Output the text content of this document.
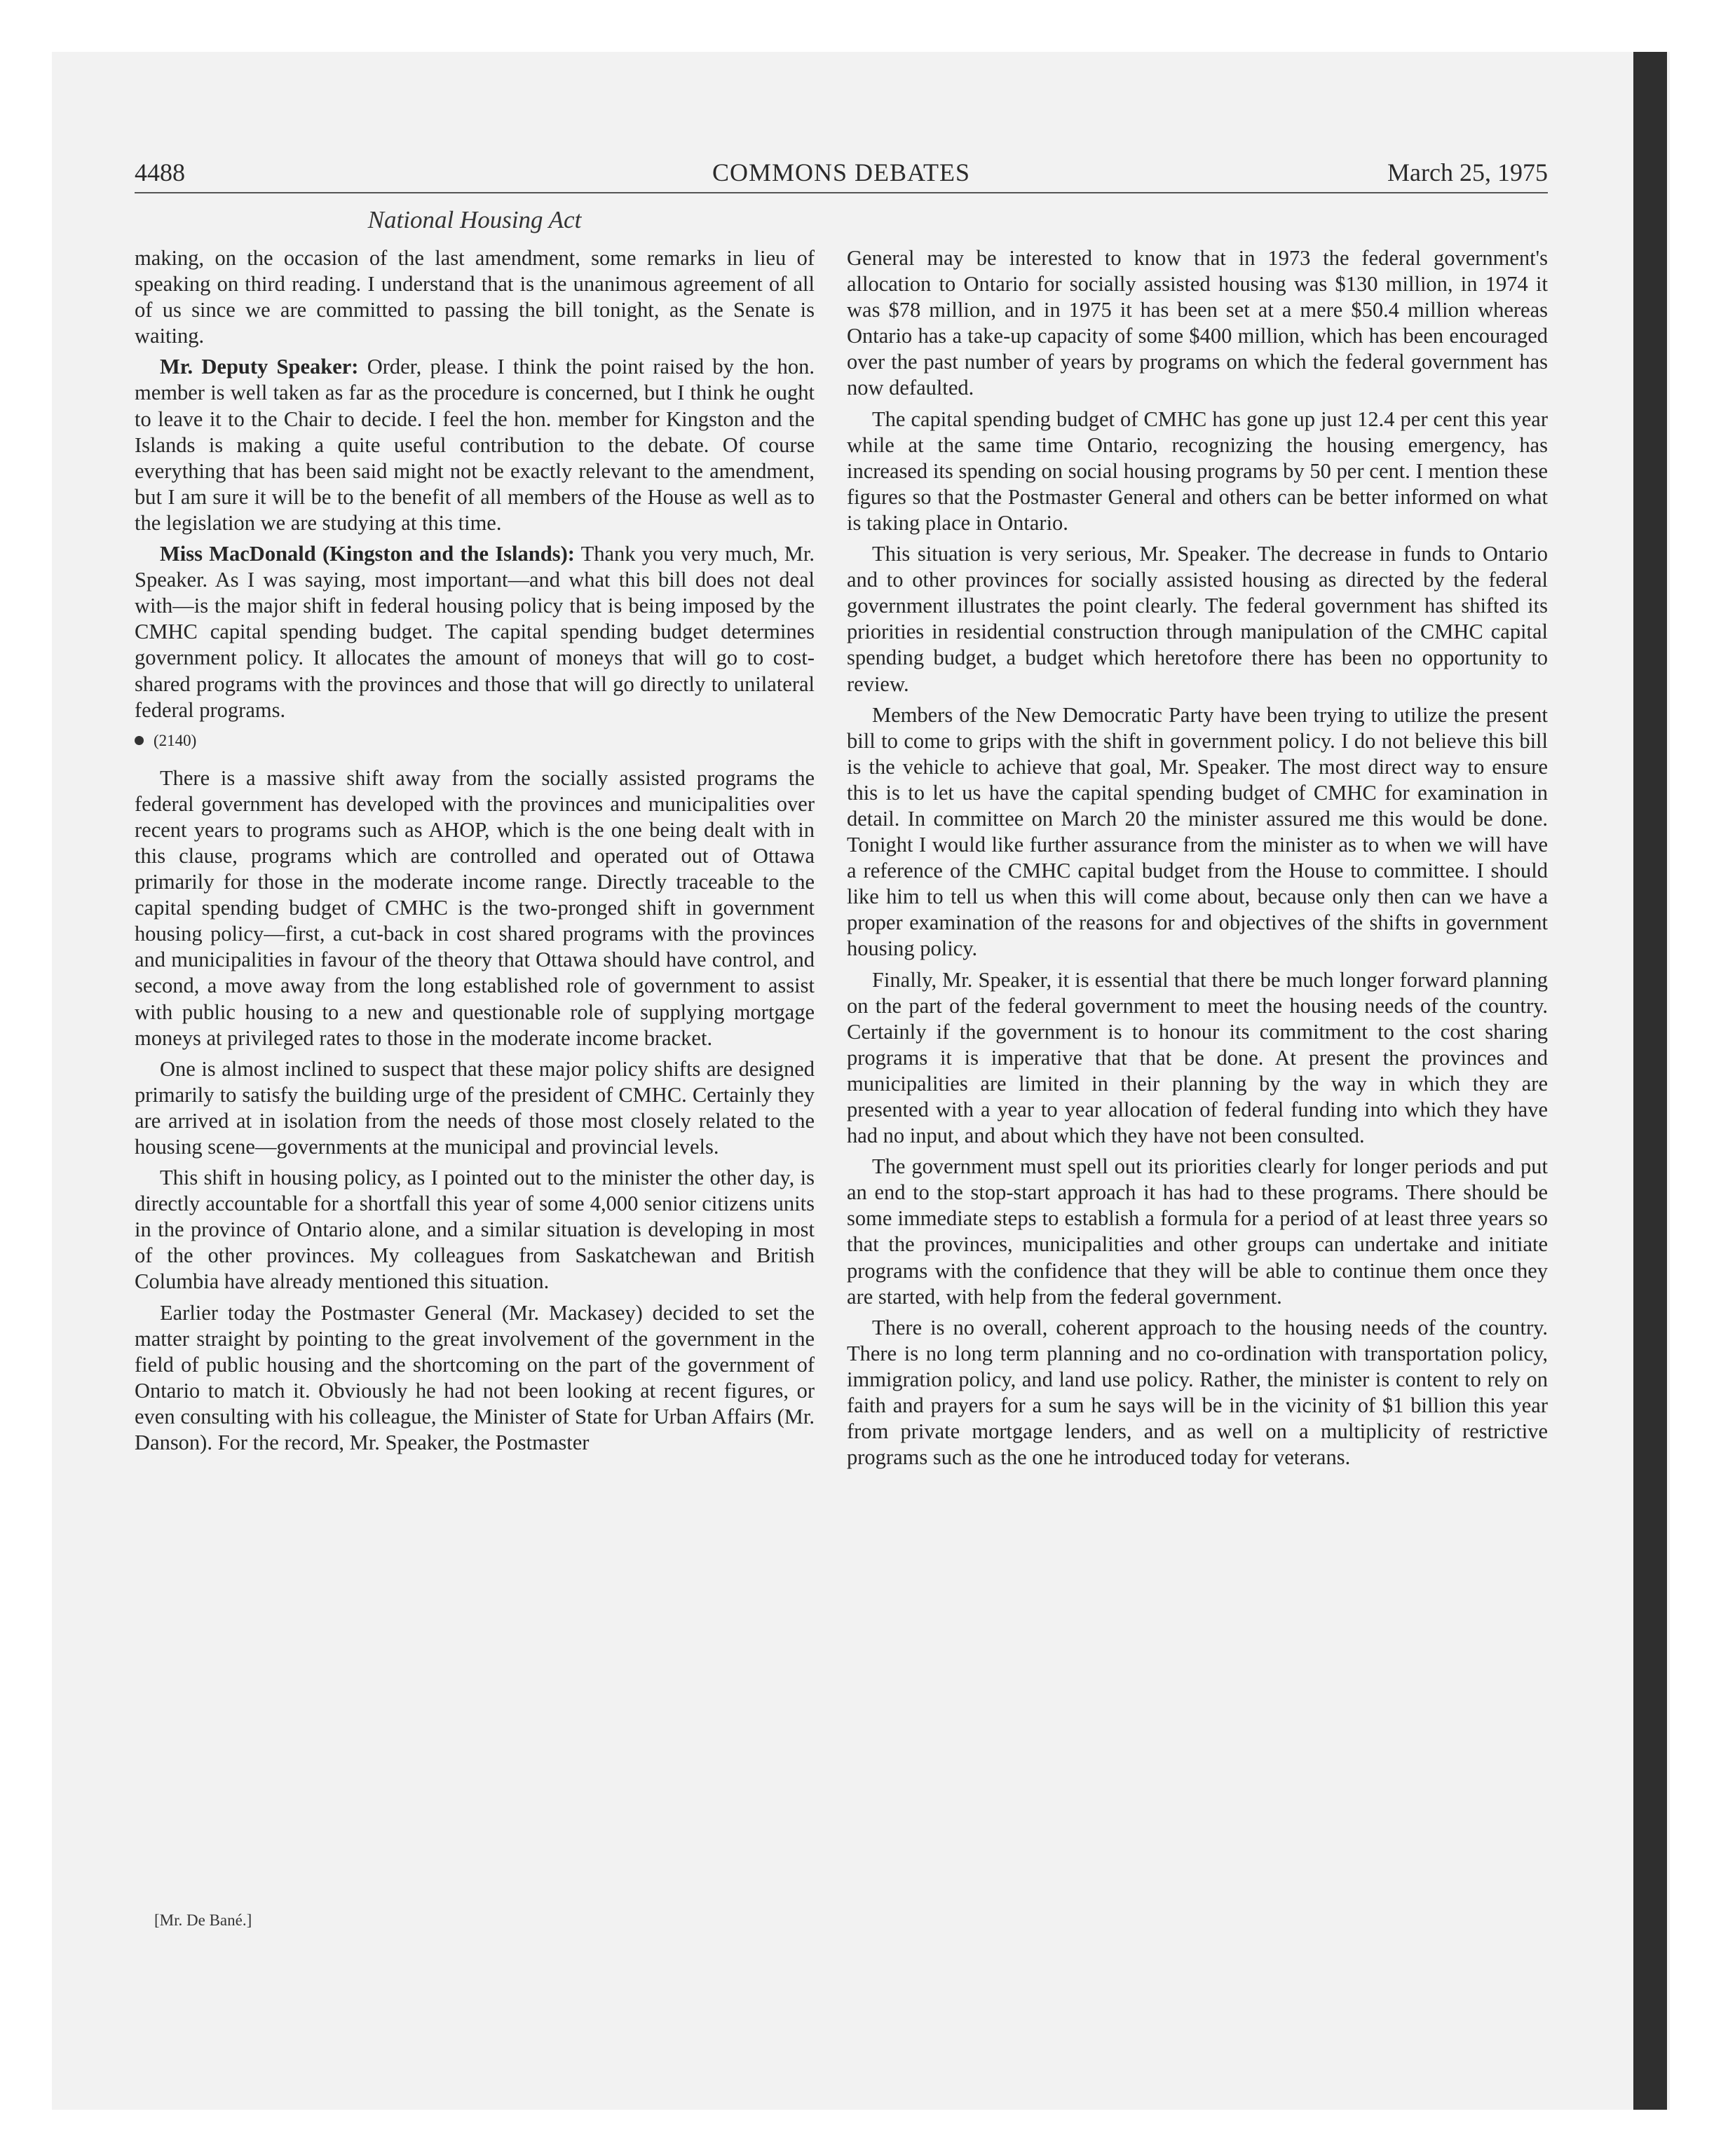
4488	COMMONS DEBATES	March 25, 1975
National Housing Act

making, on the occasion of the last amendment, some remarks in lieu of speaking on third reading. I understand that is the unanimous agreement of all of us since we are committed to passing the bill tonight, as the Senate is waiting.

Mr. Deputy Speaker: Order, please. I think the point raised by the hon. member is well taken as far as the procedure is concerned, but I think he ought to leave it to the Chair to decide. I feel the hon. member for Kingston and the Islands is making a quite useful contribution to the debate. Of course everything that has been said might not be exactly relevant to the amendment, but I am sure it will be to the benefit of all members of the House as well as to the legislation we are studying at this time.

Miss MacDonald (Kingston and the Islands): Thank you very much, Mr. Speaker. As I was saying, most important—and what this bill does not deal with—is the major shift in federal housing policy that is being imposed by the CMHC capital spending budget. The capital spending budget determines government policy. It allocates the amount of moneys that will go to cost-shared programs with the provinces and those that will go directly to unilateral federal programs.

(2140)

There is a massive shift away from the socially assisted programs the federal government has developed with the provinces and municipalities over recent years to programs such as AHOP, which is the one being dealt with in this clause, programs which are controlled and operated out of Ottawa primarily for those in the moderate income range. Directly traceable to the capital spending budget of CMHC is the two-pronged shift in government housing policy—first, a cut-back in cost shared programs with the provinces and municipalities in favour of the theory that Ottawa should have control, and second, a move away from the long established role of government to assist with public housing to a new and questionable role of supplying mortgage moneys at privileged rates to those in the moderate income bracket.

One is almost inclined to suspect that these major policy shifts are designed primarily to satisfy the building urge of the president of CMHC. Certainly they are arrived at in isolation from the needs of those most closely related to the housing scene—governments at the municipal and provincial levels.

This shift in housing policy, as I pointed out to the minister the other day, is directly accountable for a shortfall this year of some 4,000 senior citizens units in the province of Ontario alone, and a similar situation is developing in most of the other provinces. My colleagues from Saskatchewan and British Columbia have already mentioned this situation.

Earlier today the Postmaster General (Mr. Mackasey) decided to set the matter straight by pointing to the great involvement of the government in the field of public housing and the shortcoming on the part of the government of Ontario to match it. Obviously he had not been looking at recent figures, or even consulting with his colleague, the Minister of State for Urban Affairs (Mr. Danson). For the record, Mr. Speaker, the Postmaster

General may be interested to know that in 1973 the federal government's allocation to Ontario for socially assisted housing was $130 million, in 1974 it was $78 million, and in 1975 it has been set at a mere $50.4 million whereas Ontario has a take-up capacity of some $400 million, which has been encouraged over the past number of years by programs on which the federal government has now defaulted.

The capital spending budget of CMHC has gone up just 12.4 per cent this year while at the same time Ontario, recognizing the housing emergency, has increased its spending on social housing programs by 50 per cent. I mention these figures so that the Postmaster General and others can be better informed on what is taking place in Ontario.

This situation is very serious, Mr. Speaker. The decrease in funds to Ontario and to other provinces for socially assisted housing as directed by the federal government illustrates the point clearly. The federal government has shifted its priorities in residential construction through manipulation of the CMHC capital spending budget, a budget which heretofore there has been no opportunity to review.

Members of the New Democratic Party have been trying to utilize the present bill to come to grips with the shift in government policy. I do not believe this bill is the vehicle to achieve that goal, Mr. Speaker. The most direct way to ensure this is to let us have the capital spending budget of CMHC for examination in detail. In committee on March 20 the minister assured me this would be done. Tonight I would like further assurance from the minister as to when we will have a reference of the CMHC capital budget from the House to committee. I should like him to tell us when this will come about, because only then can we have a proper examination of the reasons for and objectives of the shifts in government housing policy.

Finally, Mr. Speaker, it is essential that there be much longer forward planning on the part of the federal government to meet the housing needs of the country. Certainly if the government is to honour its commitment to the cost sharing programs it is imperative that that be done. At present the provinces and municipalities are limited in their planning by the way in which they are presented with a year to year allocation of federal funding into which they have had no input, and about which they have not been consulted.

The government must spell out its priorities clearly for longer periods and put an end to the stop-start approach it has had to these programs. There should be some immediate steps to establish a formula for a period of at least three years so that the provinces, municipalities and other groups can undertake and initiate programs with the confidence that they will be able to continue them once they are started, with help from the federal government.

There is no overall, coherent approach to the housing needs of the country. There is no long term planning and no co-ordination with transportation policy, immigration policy, and land use policy. Rather, the minister is content to rely on faith and prayers for a sum he says will be in the vicinity of $1 billion this year from private mortgage lenders, and as well on a multiplicity of restrictive programs such as the one he introduced today for veterans.

[Mr. De Bané.]
